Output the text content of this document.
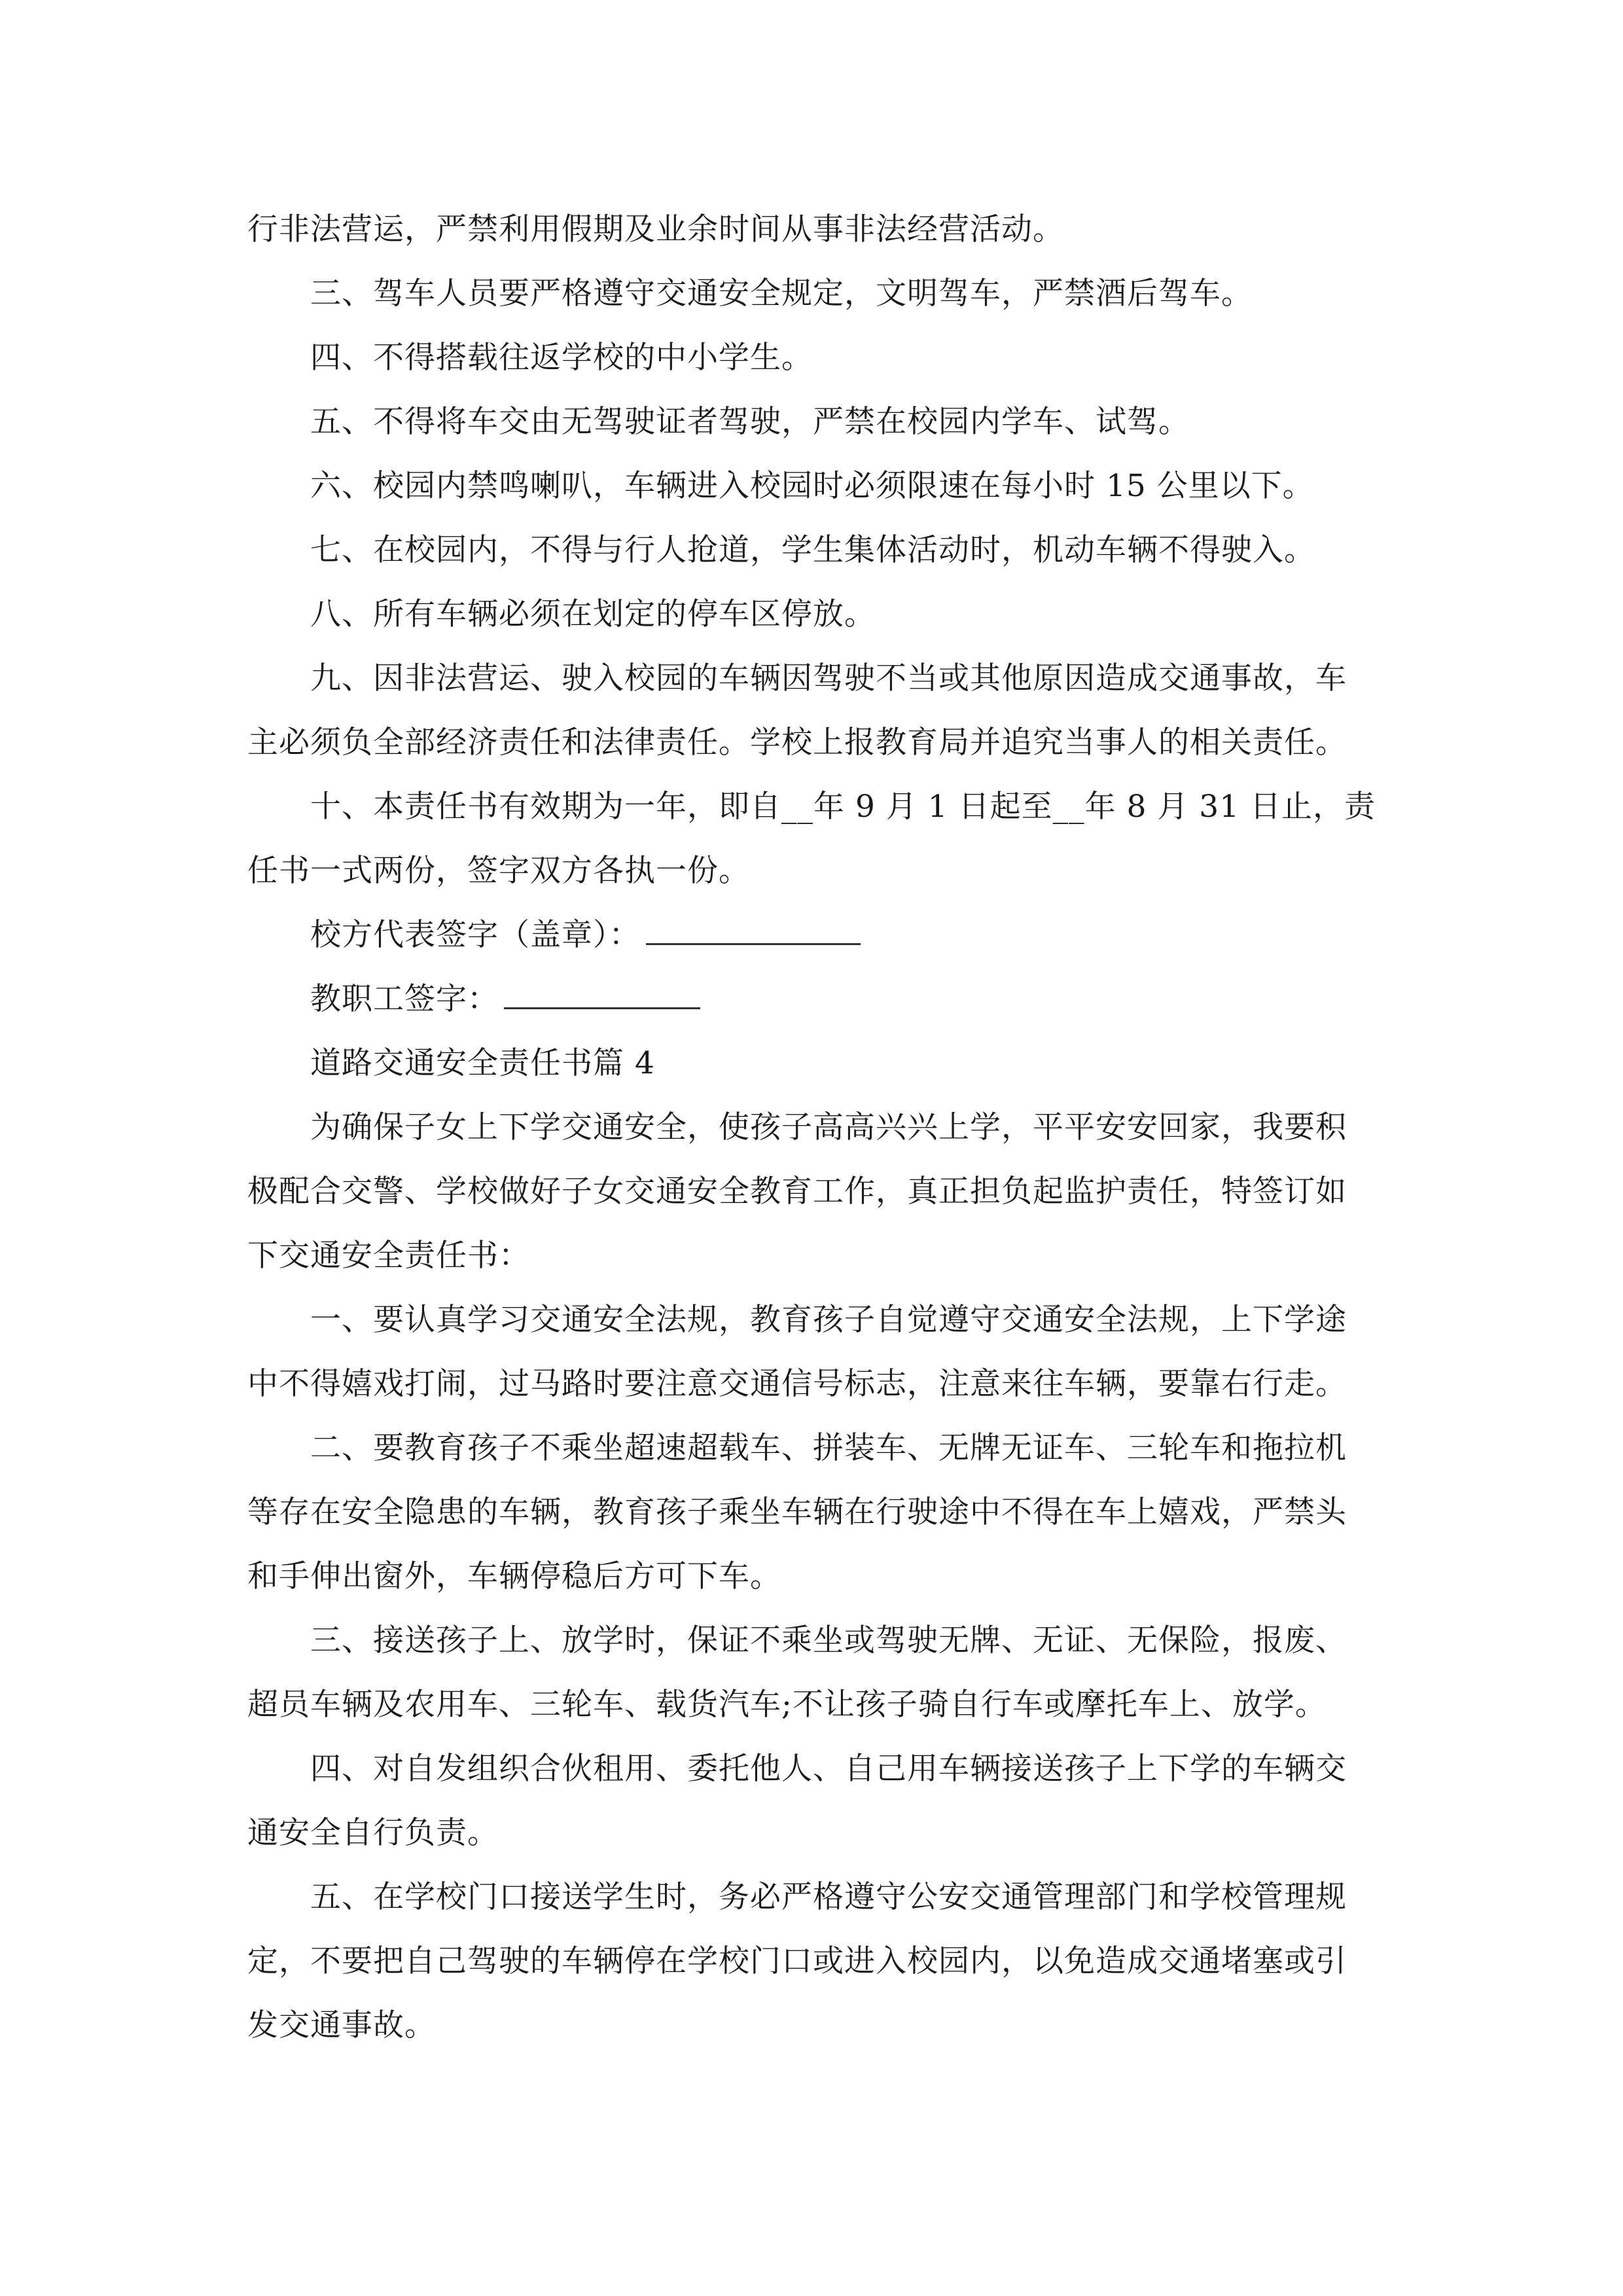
行非法营运，严禁利用假期及业余时间从事非法经营活动。
三、驾车人员要严格遵守交通安全规定，文明驾车，严禁酒后驾车。
四、不得搭载往返学校的中小学生。
五、不得将车交由无驾驶证者驾驶，严禁在校园内学车、试驾。
六、校园内禁鸣喇叭，车辆进入校园时必须限速在每小时 15 公里以下。
七、在校园内，不得与行人抢道，学生集体活动时，机动车辆不得驶入。
八、所有车辆必须在划定的停车区停放。
九、因非法营运、驶入校园的车辆因驾驶不当或其他原因造成交通事故，车
主必须负全部经济责任和法律责任。学校上报教育局并追究当事人的相关责任。
十、本责任书有效期为一年，即自__年 9 月 1 日起至__年 8 月 31 日止，责
任书一式两份，签字双方各执一份。
校方代表签字（盖章）：
教职工签字：
道路交通安全责任书篇 4
为确保子女上下学交通安全，使孩子高高兴兴上学，平平安安回家，我要积
极配合交警、学校做好子女交通安全教育工作，真正担负起监护责任，特签订如
下交通安全责任书：
一、要认真学习交通安全法规，教育孩子自觉遵守交通安全法规，上下学途
中不得嬉戏打闹，过马路时要注意交通信号标志，注意来往车辆，要靠右行走。
二、要教育孩子不乘坐超速超载车、拼装车、无牌无证车、三轮车和拖拉机
等存在安全隐患的车辆，教育孩子乘坐车辆在行驶途中不得在车上嬉戏，严禁头
和手伸出窗外，车辆停稳后方可下车。
三、接送孩子上、放学时，保证不乘坐或驾驶无牌、无证、无保险，报废、
超员车辆及农用车、三轮车、载货汽车;不让孩子骑自行车或摩托车上、放学。
四、对自发组织合伙租用、委托他人、自己用车辆接送孩子上下学的车辆交
通安全自行负责。
五、在学校门口接送学生时，务必严格遵守公安交通管理部门和学校管理规
定，不要把自己驾驶的车辆停在学校门口或进入校园内，以免造成交通堵塞或引
发交通事故。
